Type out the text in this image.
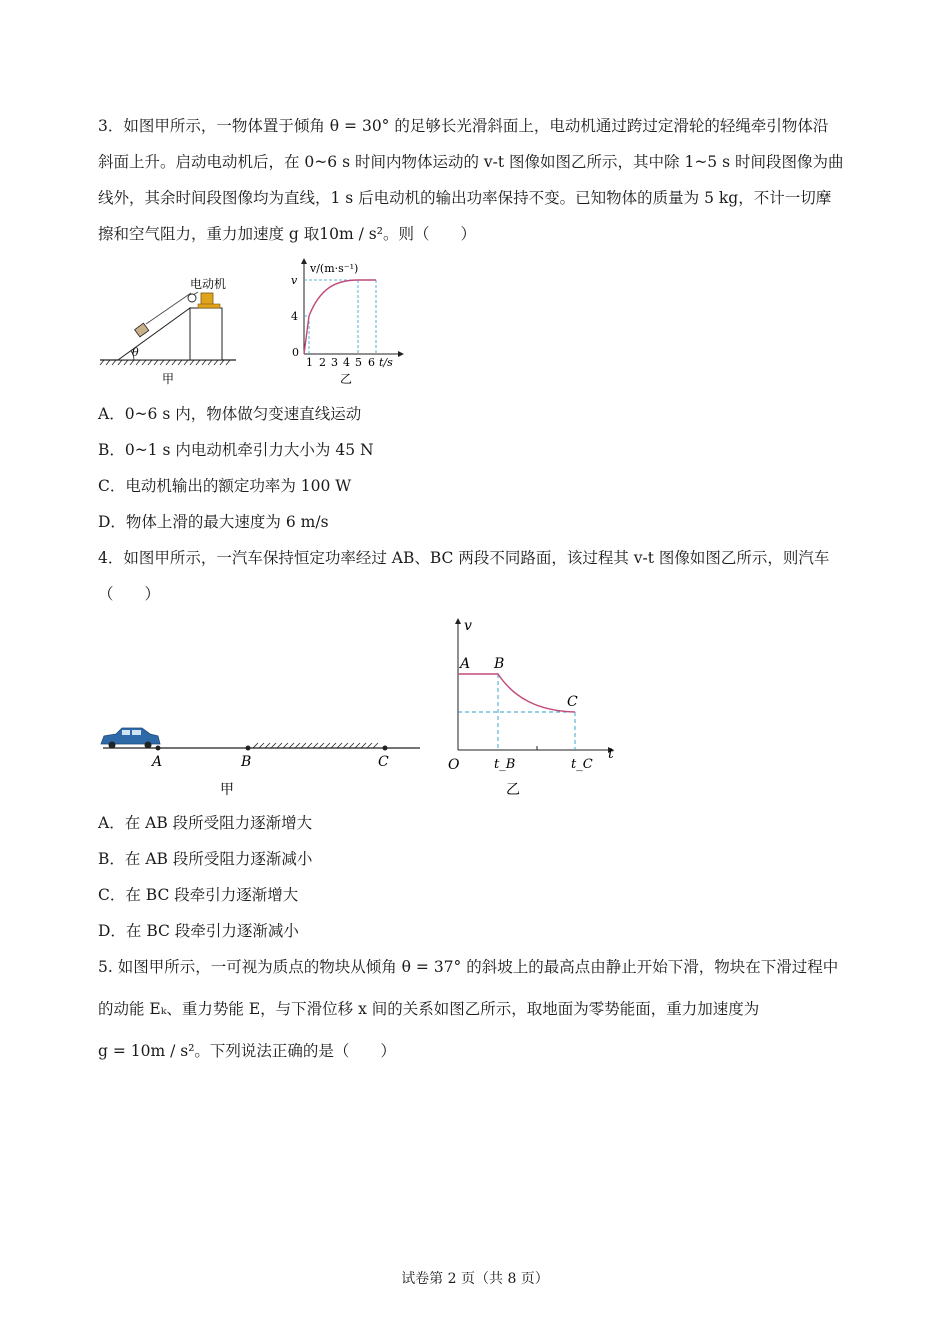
3．如图甲所示，一物体置于倾角 θ = 30° 的足够长光滑斜面上，电动机通过跨过定滑轮的轻绳牵引物体沿
斜面上升。启动电动机后，在 0~6 s 时间内物体运动的 v-t 图像如图乙所示，其中除 1~5 s 时间段图像为曲
线外，其余时间段图像均为直线，1 s 后电动机的输出功率保持不变。已知物体的质量为 5 kg，不计一切摩
擦和空气阻力，重力加速度 g 取10m / s²。则（　　）
电动机
θ
甲
v/(m·s⁻¹)
0
v
4
1 2 3 4 5 6 t/s
乙
A．0~6 s 内，物体做匀变速直线运动
B．0~1 s 内电动机牵引力大小为 45 N
C．电动机输出的额定功率为 100 W
D．物体上滑的最大速度为 6 m/s
4．如图甲所示，一汽车保持恒定功率经过 AB、BC 两段不同路面，该过程其 v-t 图像如图乙所示，则汽车
（　　）
A	B	C
甲
v
t
O
A B
C
t_B	t_C
乙
A．在 AB 段所受阻力逐渐增大
B．在 AB 段所受阻力逐渐减小
C．在 BC 段牵引力逐渐增大
D．在 BC 段牵引力逐渐减小
5. 如图甲所示，一可视为质点的物块从倾角 θ = 37° 的斜坡上的最高点由静止开始下滑，物块在下滑过程中
的动能 Eₖ、重力势能 E，与下滑位移 x 间的关系如图乙所示，取地面为零势能面，重力加速度为
g = 10m / s²。下列说法正确的是（　　）
试卷第 2 页（共 8 页）
